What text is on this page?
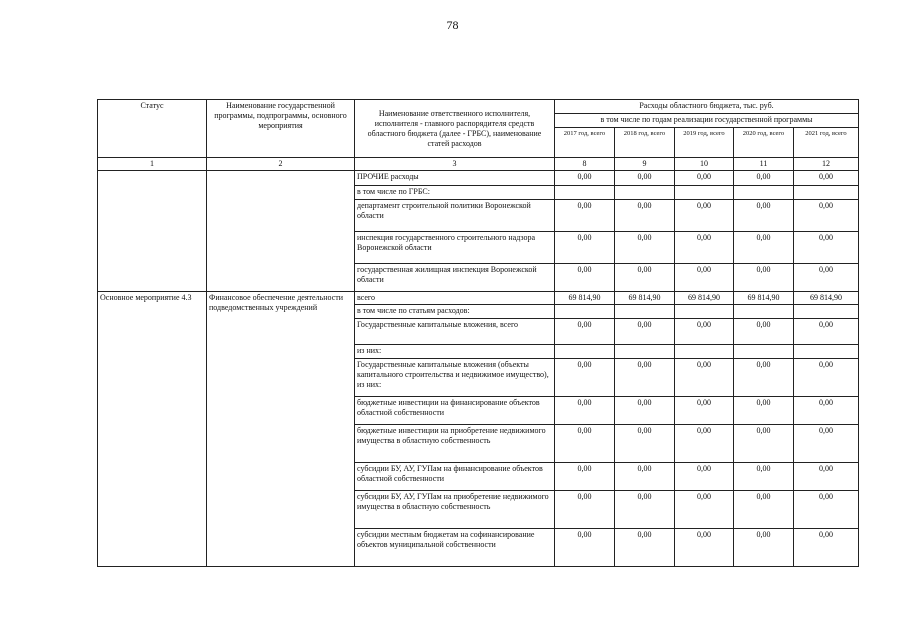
78
Статус	Наименование государственной программы, подпрограммы, основного мероприятия	Наименование ответственного исполнителя, исполнителя - главного распорядителя средств областного бюджета (далее - ГРБС), наименование статей расходов	Расходы областного бюджета, тыс. руб.				
			в том числе по годам реализации государственной программы				
			2017 год, всего	2018 год, всего	2019 год, всего	2020 год, всего	2021 год, всего
1	2	3	8	9	10	11	12
		ПРОЧИЕ расходы	0,00	0,00	0,00	0,00	0,00
		в том числе по ГРБС:					
		департамент строительной политики Воронежской области	0,00	0,00	0,00	0,00	0,00
		инспекция государственного строительного надзора Воронежской области	0,00	0,00	0,00	0,00	0,00
		государственная жилищная инспекция Воронежской области	0,00	0,00	0,00	0,00	0,00
Основное мероприятие 4.3	Финансовое обеспечение деятельности подведомственных учреждений	всего	69 814,90	69 814,90	69 814,90	69 814,90	69 814,90
		в том числе по статьям расходов:					
		Государственные капитальные вложения, всего	0,00	0,00	0,00	0,00	0,00
		из них:					
		Государственные капитальные вложения (объекты капитального строительства и недвижимое имущество), из них:	0,00	0,00	0,00	0,00	0,00
		бюджетные инвестиции на финансирование объектов областной собственности	0,00	0,00	0,00	0,00	0,00
		бюджетные инвестиции на приобретение недвижимого имущества в областную собственность	0,00	0,00	0,00	0,00	0,00
		субсидии БУ, АУ, ГУПам на финансирование объектов областной собственности	0,00	0,00	0,00	0,00	0,00
		субсидии БУ, АУ, ГУПам на приобретение недвижимого имущества в областную собственность	0,00	0,00	0,00	0,00	0,00
		субсидии местным бюджетам на софинансирование объектов муниципальной собственности	0,00	0,00	0,00	0,00	0,00
